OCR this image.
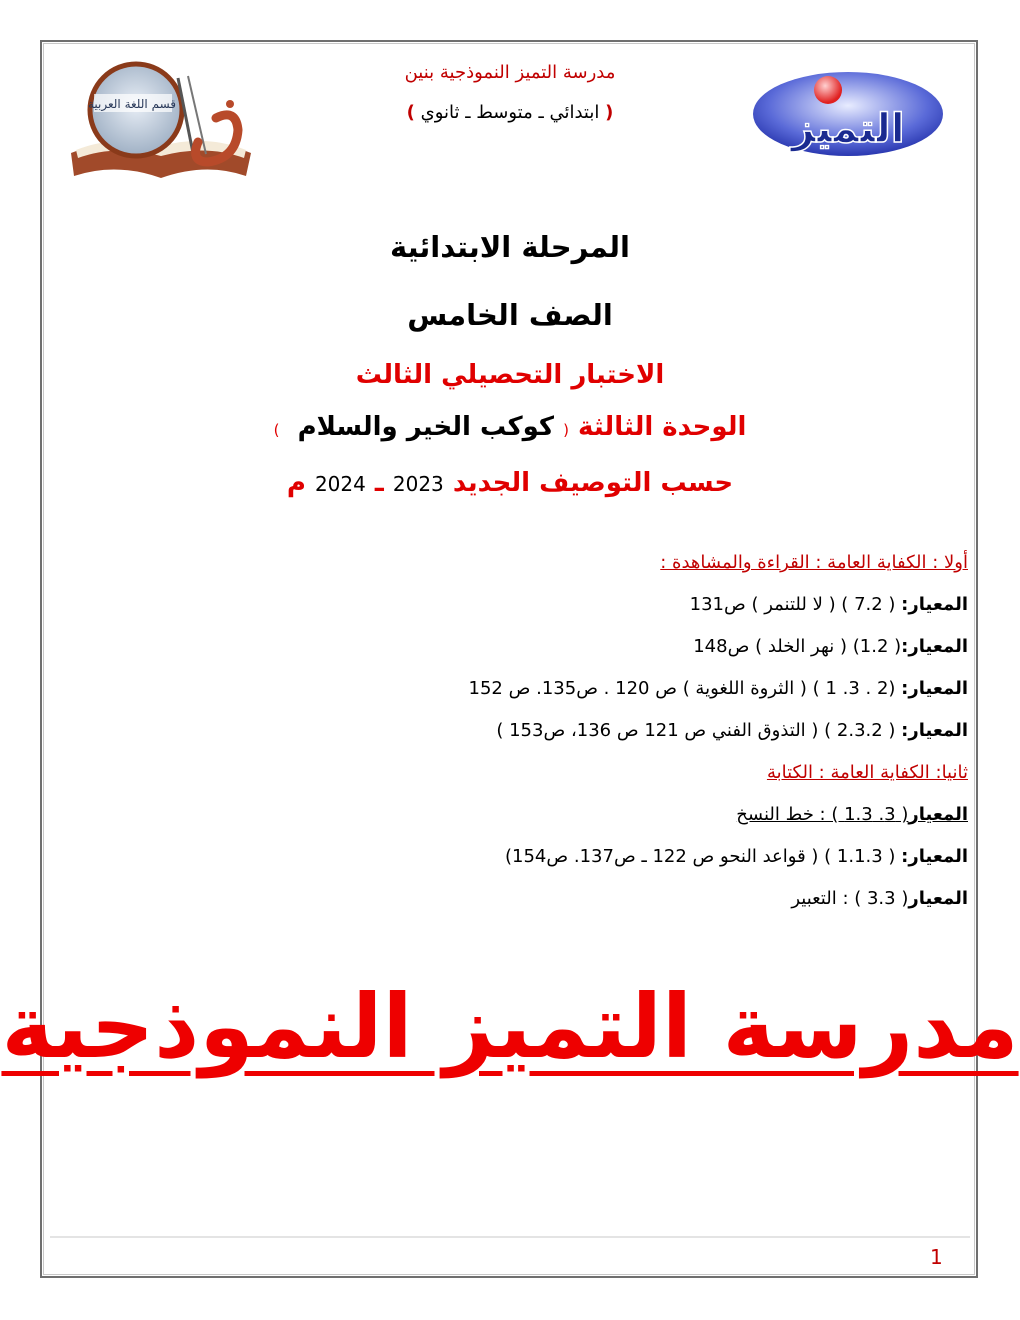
قسم اللغة العربية
التميز
مدرسة التميز النموذجية بنين
( ابتدائي ـ متوسط ـ ثانوي )
المرحلة الابتدائية
الصف الخامس
الاختبار التحصيلي الثالث
الوحدة الثالثة ( كوكب الخير والسلام  )
حسب التوصيف الجديد 2023 ـ 2024 م
أولا : الكفاية العامة : القراءة والمشاهدة :
المعيار: ( 7.2 ) ( لا للتنمر ) ص131
المعيار:( 1.2) ( نهر الخلد ) ص148
المعيار: (2 . 3. 1 ) ( الثروة اللغوية ) ص 120 . ص135. ص 152
المعيار: ( 2.3.2 ) ( التذوق الفني ص 121 ص 136، ص153 )
ثانيا: الكفاية العامة : الكتابة
المعيار( 3. 1.3 ) : خط النسخ
المعيار: ( 1.1.3 ) ( قواعد النحو ص 122 ـ ص137. ص154)
المعيار( 3.3 ) : التعبير
مدرسة التميز النموذجية
1
